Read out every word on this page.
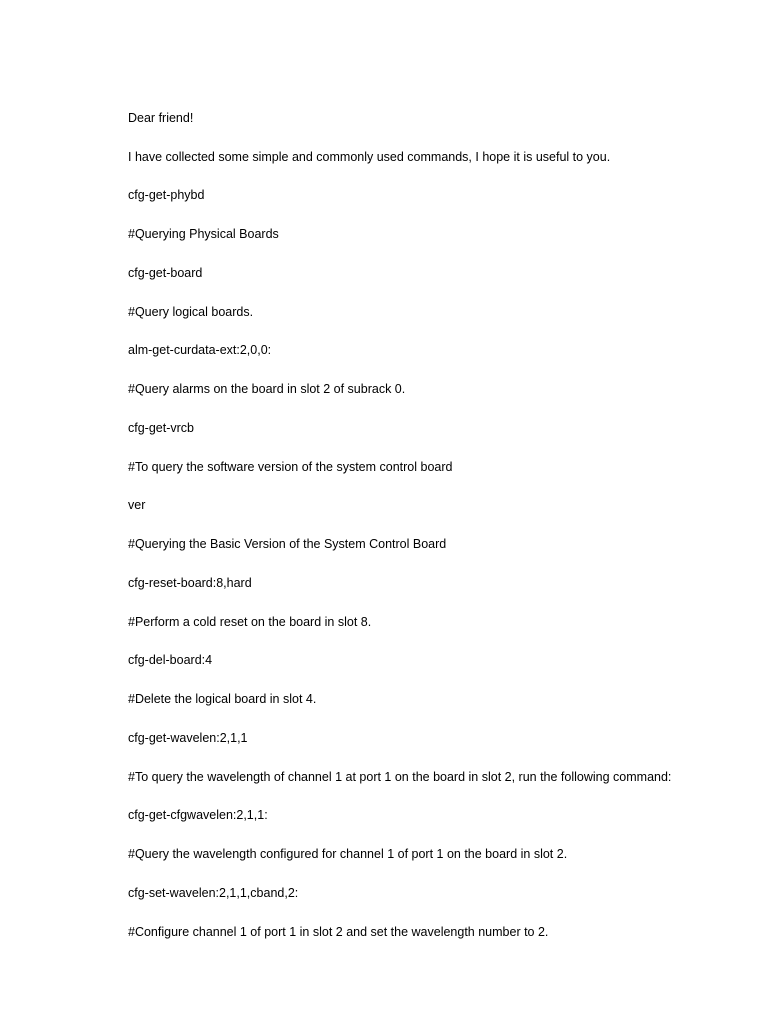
Dear friend!

I have collected some simple and commonly used commands, I hope it is useful to you.

cfg-get-phybd

#Querying Physical Boards

cfg-get-board

#Query logical boards.

alm-get-curdata-ext:2,0,0:

#Query alarms on the board in slot 2 of subrack 0.

cfg-get-vrcb

#To query the software version of the system control board

ver

#Querying the Basic Version of the System Control Board

cfg-reset-board:8,hard

#Perform a cold reset on the board in slot 8.

cfg-del-board:4

#Delete the logical board in slot 4.

cfg-get-wavelen:2,1,1

#To query the wavelength of channel 1 at port 1 on the board in slot 2, run the following command:

cfg-get-cfgwavelen:2,1,1:

#Query the wavelength configured for channel 1 of port 1 on the board in slot 2.

cfg-set-wavelen:2,1,1,cband,2:

#Configure channel 1 of port 1 in slot 2 and set the wavelength number to 2.
